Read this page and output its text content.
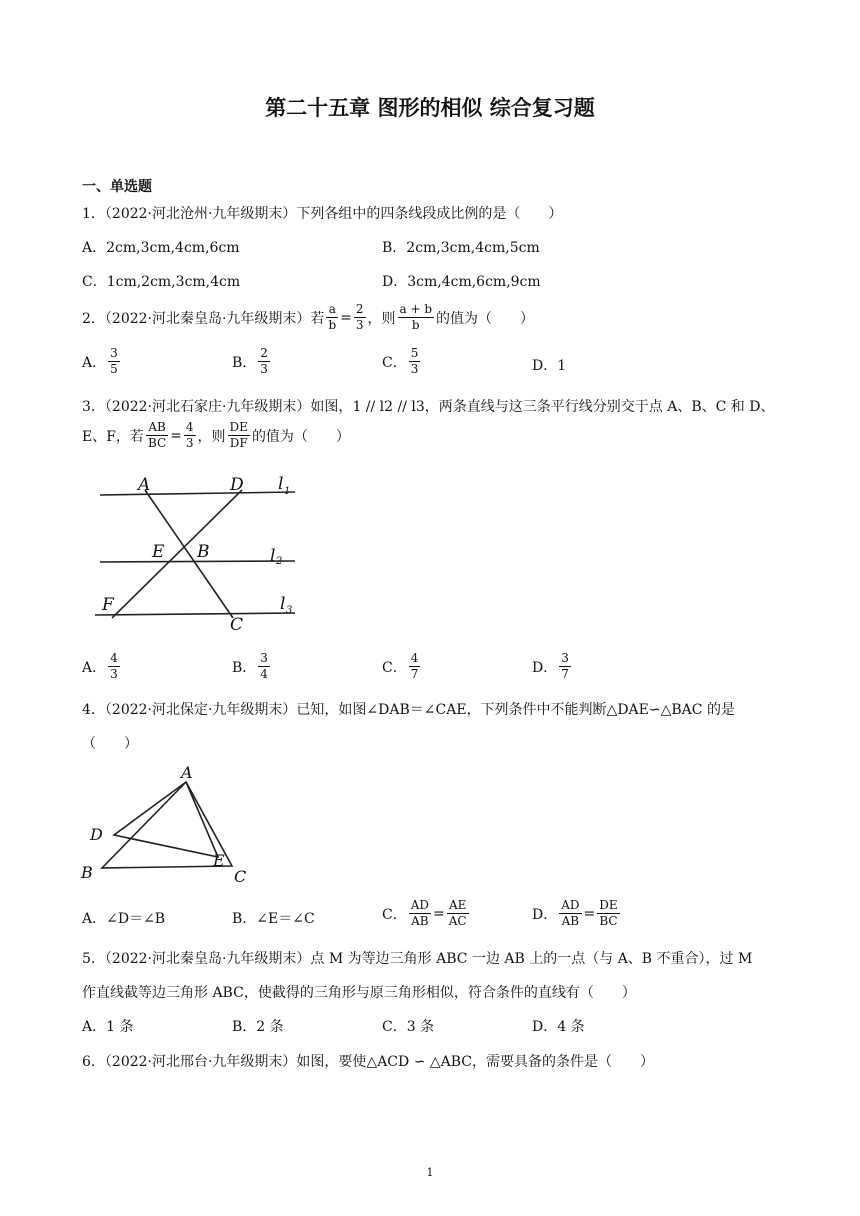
第二十五章 图形的相似 综合复习题
一、单选题
1．（2022·河北沧州·九年级期末）下列各组中的四条线段成比例的是（　　）
A．2cm,3cm,4cm,6cm	B．2cm,3cm,4cm,5cm
C．1cm,2cm,3cm,4cm	D．3cm,4cm,6cm,9cm
2．（2022·河北秦皇岛·九年级期末）若 $\frac{a}{b} = \frac{2}{3}$ ，则 $\frac{a + b}{b}$ 的值为（　　）
A． $\frac{3}{5}$	B． $\frac{2}{3}$	C． $\frac{5}{3}$	D．1
3．（2022·河北石家庄·九年级期末）如图，1 // l2 // l3，两条直线与这三条平行线分别交于点 A、B、C 和 D、
E、F，若 $\frac{AB}{BC} = \frac{4}{3}$ ，则 $\frac{DE}{DF}$ 的值为（　　）
A	D
E B
F
C
l 1
l 2
l 3
A． $\frac{4}{3}$	B． $\frac{3}{4}$	C． $\frac{4}{7}$	D． $\frac{3}{7}$
4．（2022·河北保定·九年级期末）已知，如图∠DAB＝∠CAE，下列条件中不能判断△DAE∽△BAC 的是
（　　）
A
D
B
E
C
A．∠D＝∠B	B．∠E＝∠C	C． $\frac{AD}{AB} = \frac{AE}{AC}$	D． $\frac{AD}{AB} = \frac{DE}{BC}$
5．（2022·河北秦皇岛·九年级期末）点 M 为等边三角形 ABC 一边 AB 上的一点（与 A、B 不重合），过 M
作直线截等边三角形 ABC，使截得的三角形与原三角形相似，符合条件的直线有（　　）
A．1 条	B．2 条	C．3 条	D．4 条
6．（2022·河北邢台·九年级期末）如图，要使△ACD ∽ △ABC，需要具备的条件是（　　）
1
